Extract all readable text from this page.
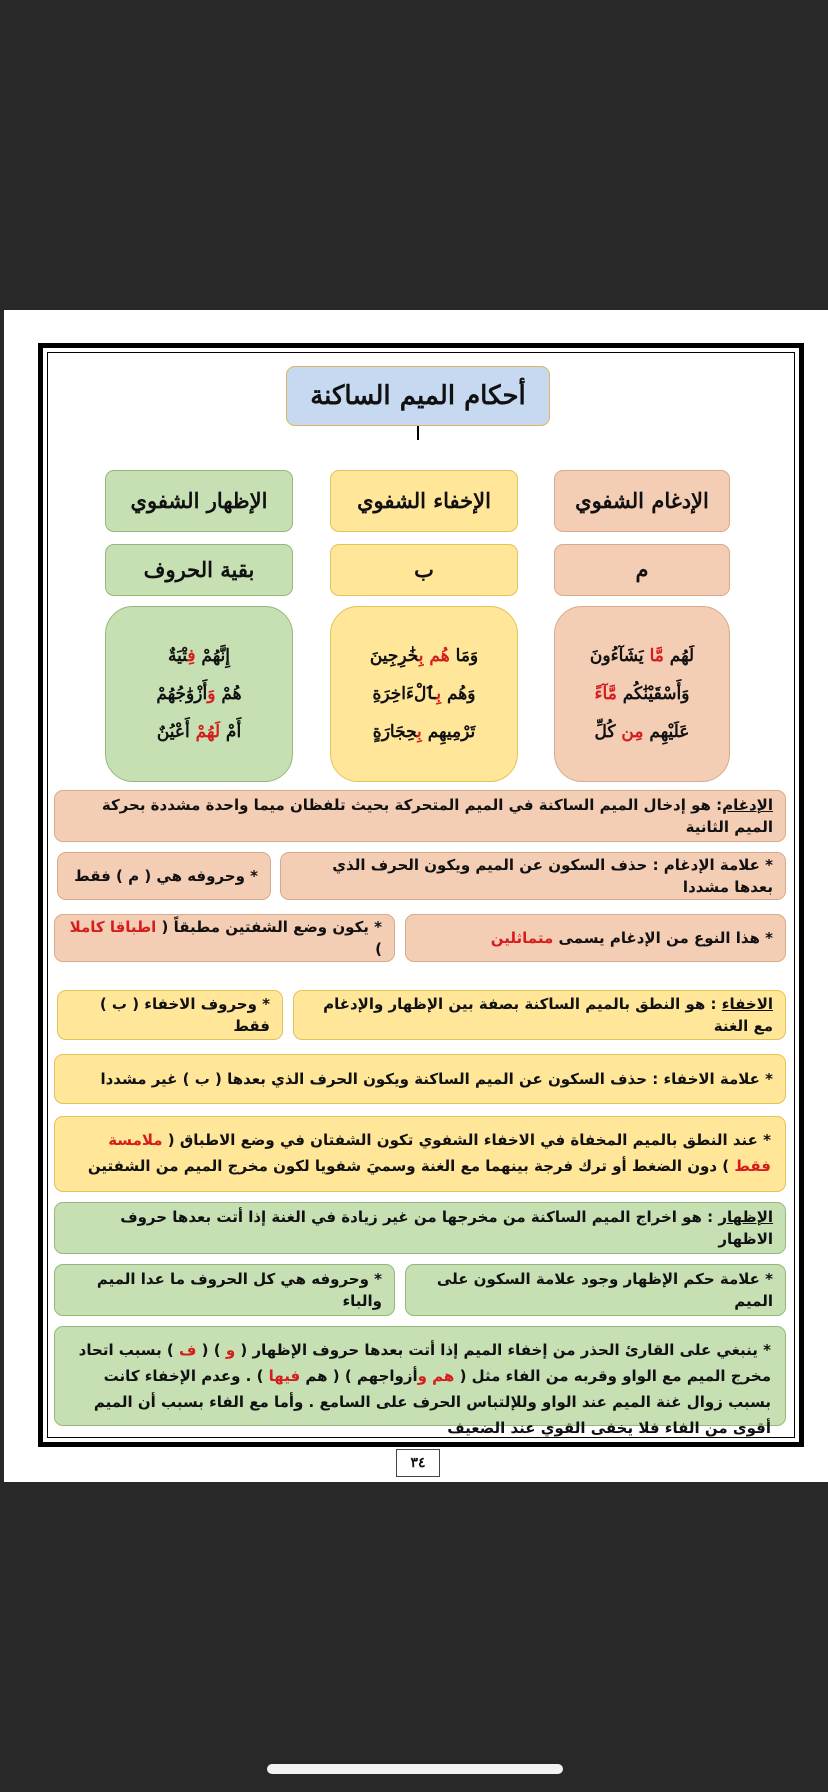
أحكام الميم الساكنة
الإدغام الشفوي
الإخفاء الشفوي
الإظهار الشفوي
م
ب
بقية الحروف
لَهُم مَّا يَشَآءُونَ
وَأَسْقَيْنَٰكُم مَّآءً
عَلَيْهِم مِن كُلِّ
وَمَا هُم بِخَٰرِجِينَ
وَهُم بِٱلْءَاخِرَةِ
تَرْمِيهِم بِحِجَارَةٍ
إِنَّهُمْ فِتْيَةٌ
هُمْ وَأَزْوَٰجُهُمْ
أَمْ لَهُمْ أَعْيُنٌ
الإدغام: هو إدخال الميم الساكنة في الميم المتحركة بحيث تلفظان ميما واحدة مشددة بحركة الميم الثانية
* علامة الإدغام : حذف السكون عن الميم ويكون الحرف الذي بعدها مشددا
* وحروفه هي ( م ) فقط
* هذا النوع من الإدغام يسمى متماثلين
* يكون وضع الشفتين مطبقاً ( اطباقا كاملا )
الاخفاء : هو النطق بالميم الساكنة بصفة بين الإظهار والإدغام مع الغنة
* وحروف الاخفاء ( ب ) فقط
* علامة الاخفاء : حذف السكون عن الميم الساكنة ويكون الحرف الذي بعدها ( ب ) غير مشددا
* عند النطق بالميم المخفاة في الاخفاء الشفوي تكون الشفتان في وضع الاطباق ( ملامسة فقط ) دون الضغط أو ترك فرجة بينهما مع الغنة وسميَ شفويا لكون مخرج الميم من الشفتين
الإظهار : هو اخراج الميم الساكنة من مخرجها من غير زيادة في الغنة إذا أتت بعدها حروف الاظهار
* علامة حكم الإظهار وجود علامة السكون على الميم
* وحروفه هي كل الحروف ما عدا الميم والباء
* ينبغي على القارئ الحذر من إخفاء الميم إذا أتت بعدها حروف الإظهار ( و ) ( ف ) بسبب اتحاد مخرج الميم مع الواو وقربه من الفاء مثل ( هم وأزواجهم ) ( هم فيها ) . وعدم الإخفاء كانت بسبب زوال غنة الميم عند الواو وللإلتباس الحرف على السامع . وأما مع الفاء بسبب أن الميم أقوى من الفاء فلا يخفى القوي عند الضعيف
٣٤
